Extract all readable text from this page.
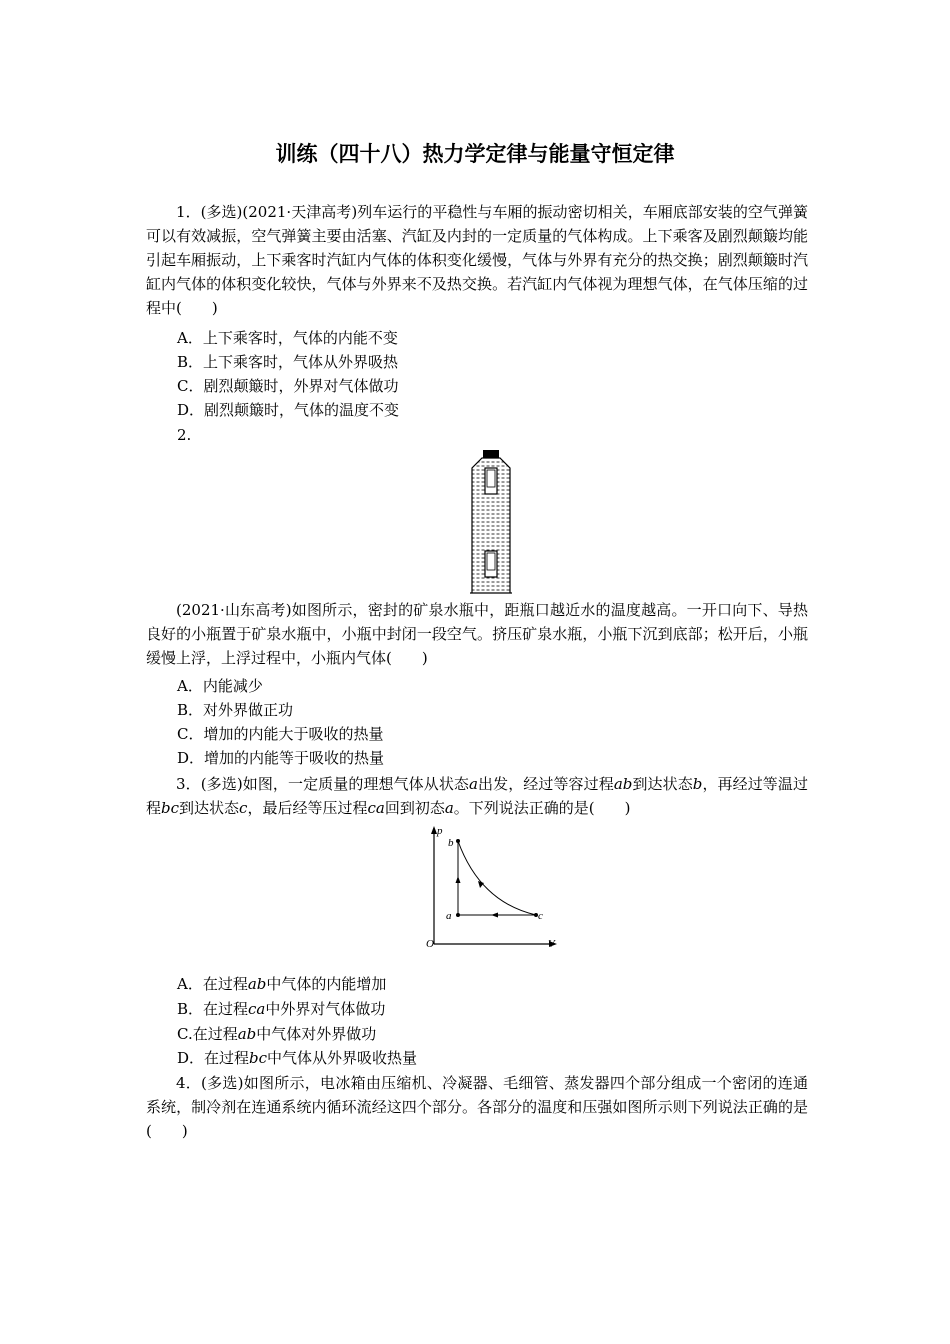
训练（四十八）热力学定律与能量守恒定律

1．(多选)(2021·天津高考)列车运行的平稳性与车厢的振动密切相关，车厢底部安装的空气弹簧可以有效减振，空气弹簧主要由活塞、汽缸及内封的一定质量的气体构成。上下乘客及剧烈颠簸均能引起车厢振动，上下乘客时汽缸内气体的体积变化缓慢，气体与外界有充分的热交换；剧烈颠簸时汽缸内气体的体积变化较快，气体与外界来不及热交换。若汽缸内气体视为理想气体，在气体压缩的过程中(　　)

A．上下乘客时，气体的内能不变
B．上下乘客时，气体从外界吸热
C．剧烈颠簸时，外界对气体做功
D．剧烈颠簸时，气体的温度不变
2.

(2021·山东高考)如图所示，密封的矿泉水瓶中，距瓶口越近水的温度越高。一开口向下、导热良好的小瓶置于矿泉水瓶中，小瓶中封闭一段空气。挤压矿泉水瓶，小瓶下沉到底部；松开后，小瓶缓慢上浮，上浮过程中，小瓶内气体(　　)

A．内能减少
B．对外界做正功
C．增加的内能大于吸收的热量
D．增加的内能等于吸收的热量

3．(多选)如图，一定质量的理想气体从状态a出发，经过等容过程ab到达状态b，再经过等温过程bc到达状态c，最后经等压过程ca回到初态a。下列说法正确的是(　　)

p
O	V
a
b
c
A．在过程ab中气体的内能增加
B．在过程ca中外界对气体做功
C.在过程ab中气体对外界做功
D．在过程bc中气体从外界吸收热量

4．(多选)如图所示，电冰箱由压缩机、冷凝器、毛细管、蒸发器四个部分组成一个密闭的连通系统，制冷剂在连通系统内循环流经这四个部分。各部分的温度和压强如图所示则下列说法正确的是(　　)
